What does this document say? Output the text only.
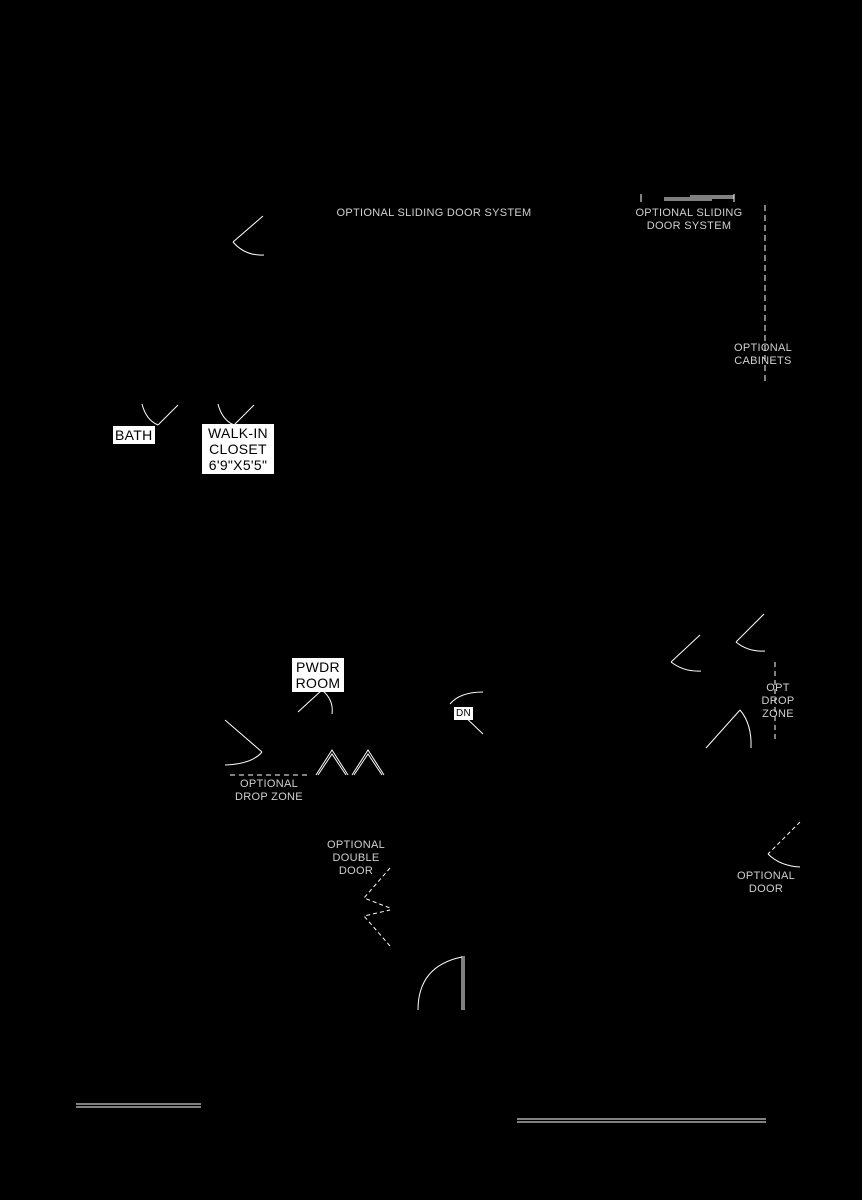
OPTIONAL SLIDING DOOR SYSTEM	OPTIONAL SLIDING
DOOR SYSTEM
OPTIONAL
CABINETS
OPT
DROP
ZONE
OPTIONAL
DROP ZONE
OPTIONAL
DOUBLE
DOOR	OPTIONAL
DOOR
BATH	WALK-IN
CLOSET
6'9"X5'5"
PWDR
ROOM
DN
